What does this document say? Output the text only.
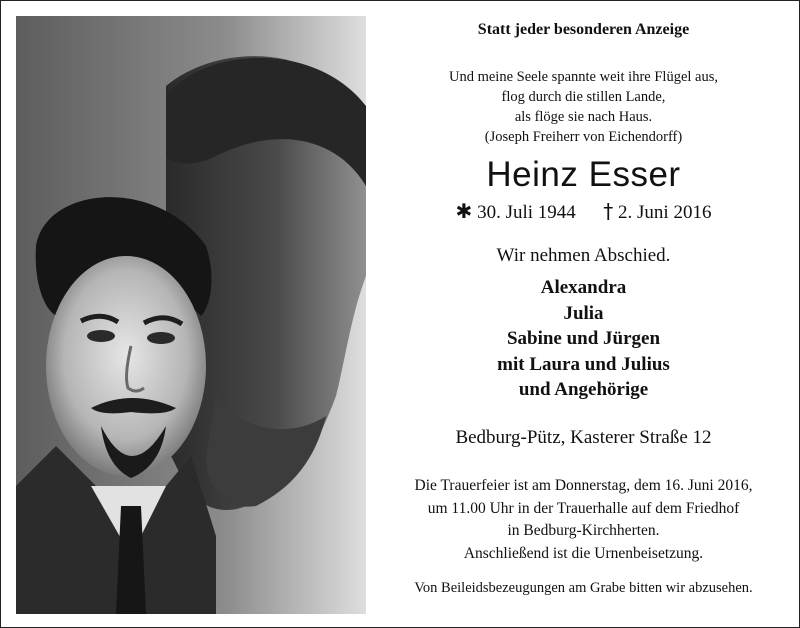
Statt jeder besonderen Anzeige
Und meine Seele spannte weit ihre Flügel aus,
flog durch die stillen Lande,
als flöge sie nach Haus.
(Joseph Freiherr von Eichendorff)
Heinz Esser
✱ 30. Juli 1944 † 2. Juni 2016
Wir nehmen Abschied.
Alexandra
Julia
Sabine und Jürgen
mit Laura und Julius
und Angehörige
Bedburg-Pütz, Kasterer Straße 12
Die Trauerfeier ist am Donnerstag, dem 16. Juni 2016,
um 11.00 Uhr in der Trauerhalle auf dem Friedhof
in Bedburg-Kirchherten.
Anschließend ist die Urnenbeisetzung.
Von Beileidsbezeugungen am Grabe bitten wir abzusehen.
